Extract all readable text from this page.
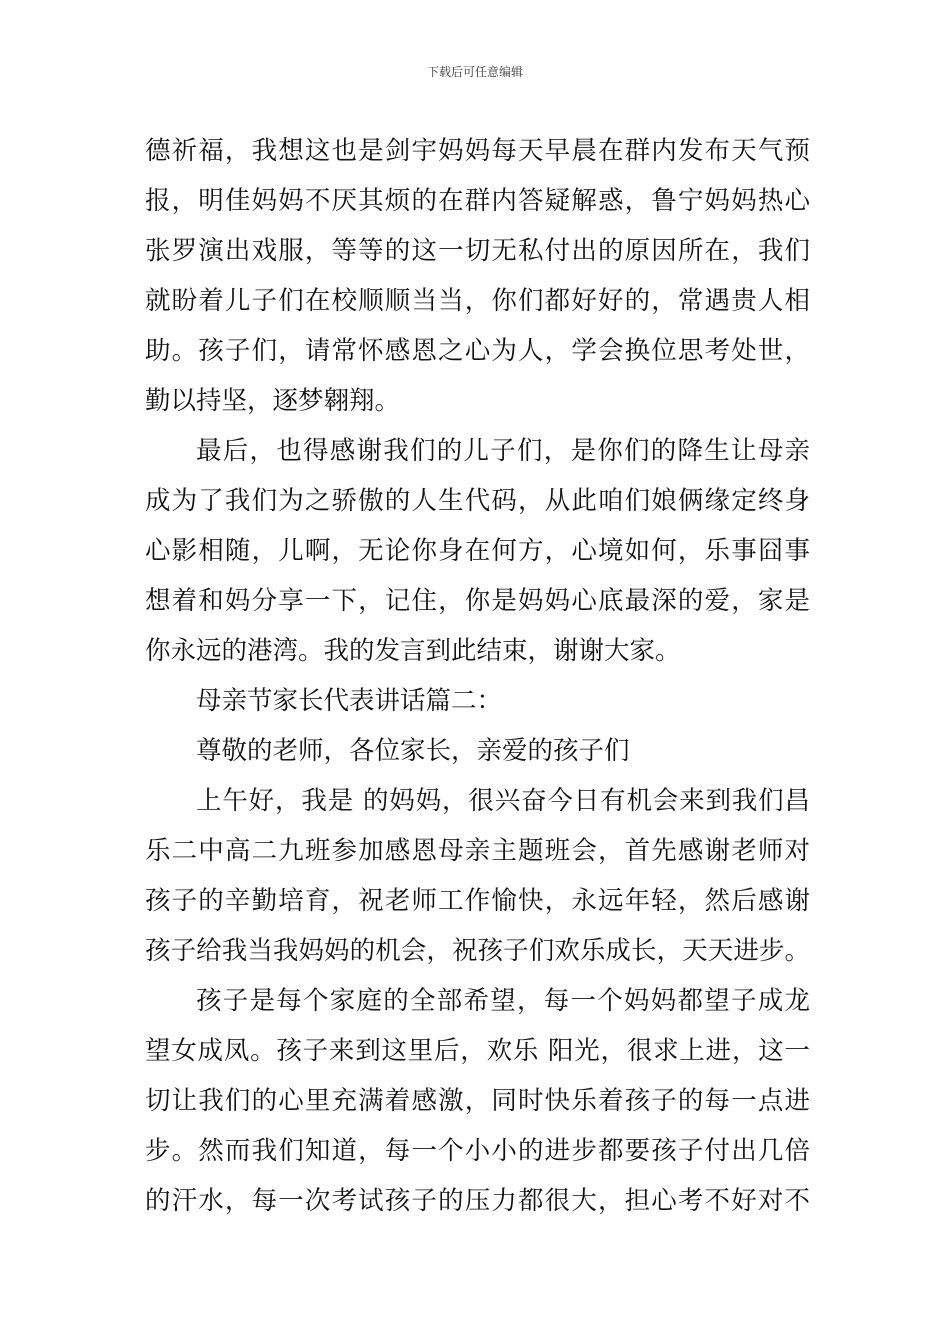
下载后可任意编辑
德祈福，我想这也是剑宇妈妈每天早晨在群内发布天气预
报，明佳妈妈不厌其烦的在群内答疑解惑，鲁宁妈妈热心
张罗演出戏服，等等的这一切无私付出的原因所在，我们
就盼着儿子们在校顺顺当当，你们都好好的，常遇贵人相
助。孩子们，请常怀感恩之心为人，学会换位思考处世，
勤以持坚，逐梦翱翔。
最后，也得感谢我们的儿子们，是你们的降生让母亲
成为了我们为之骄傲的人生代码，从此咱们娘俩缘定终身
心影相随，儿啊，无论你身在何方，心境如何，乐事囧事
想着和妈分享一下，记住，你是妈妈心底最深的爱，家是
你永远的港湾。我的发言到此结束，谢谢大家。
母亲节家长代表讲话篇二：
尊敬的老师，各位家长，亲爱的孩子们
上午好，我是 的妈妈，很兴奋今日有机会来到我们昌
乐二中高二九班参加感恩母亲主题班会，首先感谢老师对
孩子的辛勤培育，祝老师工作愉快，永远年轻，然后感谢
孩子给我当我妈妈的机会，祝孩子们欢乐成长，天天进步。
孩子是每个家庭的全部希望，每一个妈妈都望子成龙
望女成凤。孩子来到这里后，欢乐 阳光，很求上进，这一
切让我们的心里充满着感激，同时快乐着孩子的每一点进
步。然而我们知道，每一个小小的进步都要孩子付出几倍
的汗水，每一次考试孩子的压力都很大，担心考不好对不
